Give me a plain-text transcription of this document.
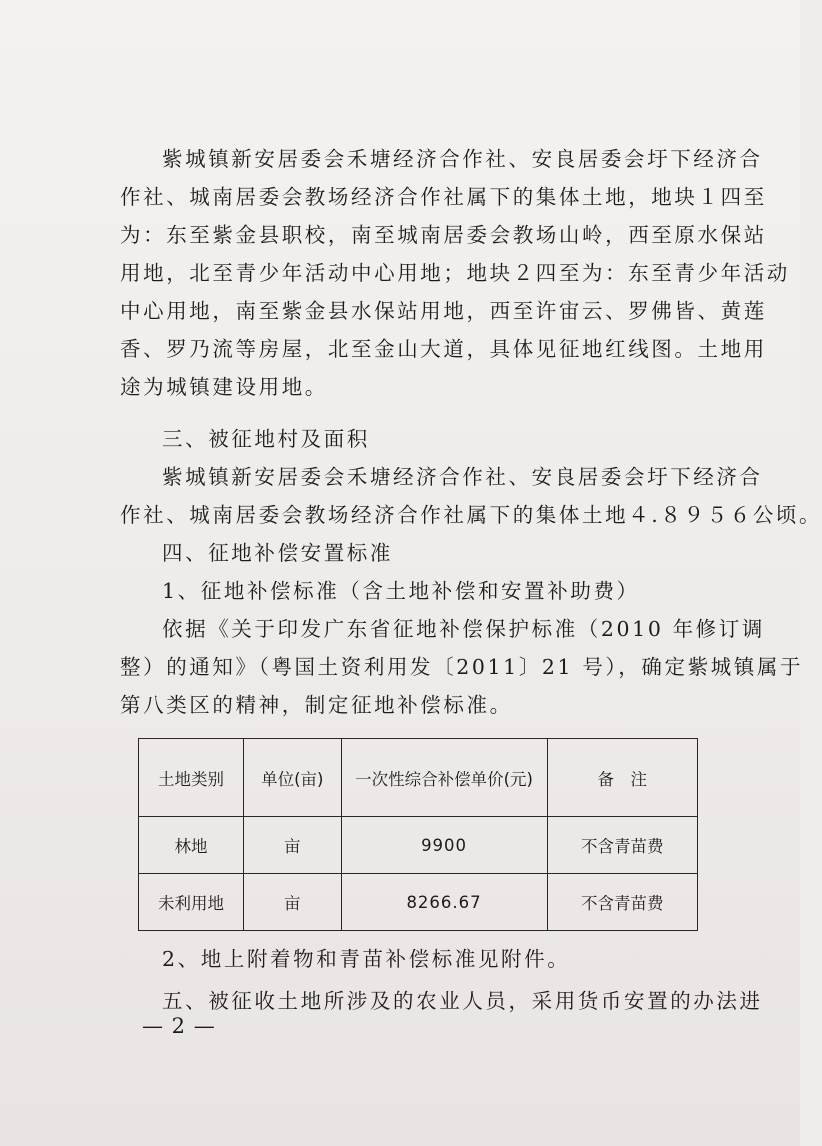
紫城镇新安居委会禾塘经济合作社、安良居委会圩下经济合
作社、城南居委会教场经济合作社属下的集体土地，地块１四至
为：东至紫金县职校，南至城南居委会教场山岭，西至原水保站
用地，北至青少年活动中心用地；地块２四至为：东至青少年活动
中心用地，南至紫金县水保站用地，西至许宙云、罗佛皆、黄莲
香、罗乃流等房屋，北至金山大道，具体见征地红线图。土地用
途为城镇建设用地。
三、被征地村及面积
紫城镇新安居委会禾塘经济合作社、安良居委会圩下经济合
作社、城南居委会教场经济合作社属下的集体土地４.８９５６公顷。
四、征地补偿安置标准
1、征地补偿标准（含土地补偿和安置补助费）
依据《关于印发广东省征地补偿保护标准（2010 年修订调
整）的通知》（粤国土资利用发〔2011〕21 号），确定紫城镇属于
第八类区的精神，制定征地补偿标准。
土地类别	单位(亩)	一次性综合补偿单价(元)	备　注
林地	亩	9900	不含青苗费
未利用地	亩	8266.67	不含青苗费
2、地上附着物和青苗补偿标准见附件。
五、被征收土地所涉及的农业人员，采用货币安置的办法进
— 2 —
